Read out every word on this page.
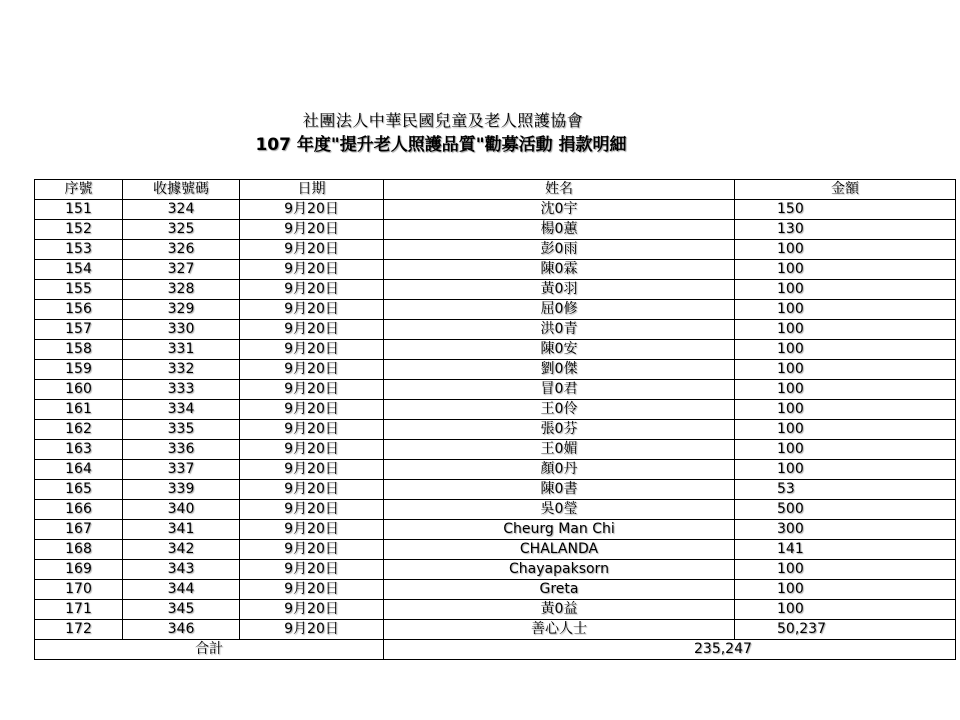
社團法人中華民國兒童及老人照護協會
107 年度"提升老人照護品質"勸募活動 捐款明細
序號	收據號碼	日期	姓名	金額
151	324	9月20日	沈0宇	150
152	325	9月20日	楊0蕙	130
153	326	9月20日	彭0雨	100
154	327	9月20日	陳0霖	100
155	328	9月20日	黃0羽	100
156	329	9月20日	屈0修	100
157	330	9月20日	洪0青	100
158	331	9月20日	陳0安	100
159	332	9月20日	劉0傑	100
160	333	9月20日	冒0君	100
161	334	9月20日	王0伶	100
162	335	9月20日	張0芬	100
163	336	9月20日	王0媚	100
164	337	9月20日	顏0丹	100
165	339	9月20日	陳0書	53
166	340	9月20日	吳0瑩	500
167	341	9月20日	Cheurg Man Chi	300
168	342	9月20日	CHALANDA	141
169	343	9月20日	Chayapaksorn	100
170	344	9月20日	Greta	100
171	345	9月20日	黃0益	100
172	346	9月20日	善心人士	50,237
合計			235,247	
